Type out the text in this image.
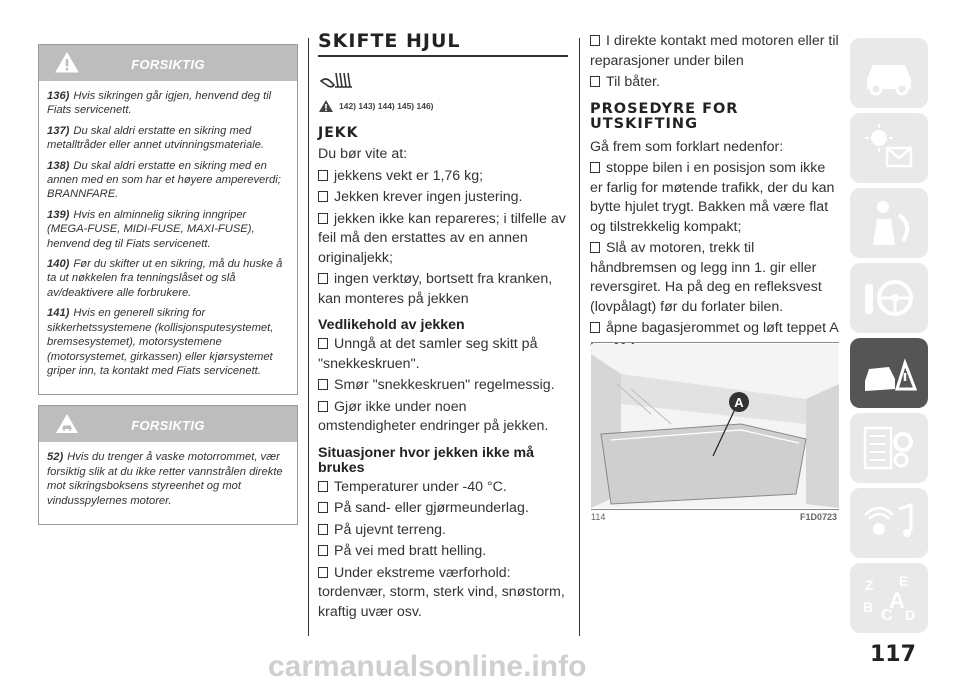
FORSIKTIG

136) Hvis sikringen går igjen, henvend deg til Fiats servicenett.

137) Du skal aldri erstatte en sikring med metalltråder eller annet utvinningsmateriale.

138) Du skal aldri erstatte en sikring med en annen med en som har et høyere ampereverdi; BRANNFARE.

139) Hvis en alminnelig sikring inngriper (MEGA-FUSE, MIDI-FUSE, MAXI-FUSE), henvend deg til Fiats servicenett.

140) Før du skifter ut en sikring, må du huske å ta ut nøkkelen fra tenningslåset og slå av/deaktivere alle forbrukere.

141) Hvis en generell sikring for sikkerhetssystemene (kollisjonsputesystemet, bremsesystemet), motorsystemene (motorsystemet, girkassen) eller kjørsystemet griper inn, ta kontakt med Fiats servicenett.

FORSIKTIG

52) Hvis du trenger å vaske motorrommet, vær forsiktig slik at du ikke retter vannstrålen direkte mot sikringsboksens styreenhet og mot vindusspylernes motorer.

SKIFTE HJUL
142) 143) 144) 145) 146)
JEKK
Du bør vite at:
jekkens vekt er 1,76 kg;
Jekken krever ingen justering.
jekken ikke kan repareres; i tilfelle av feil må den erstattes av en annen originaljekk;
ingen verktøy, bortsett fra kranken, kan monteres på jekken
Vedlikehold av jekken
Unngå at det samler seg skitt på "snekkeskruen".
Smør "snekkeskruen" regelmessig.
Gjør ikke under noen omstendigheter endringer på jekken.
Situasjoner hvor jekken ikke må brukes
Temperaturer under -40 °C.
På sand- eller gjørmeunderlag.
På ujevnt terreng.
På vei med bratt helling.
Under ekstreme værforhold: tordenvær, storm, sterk vind, snøstorm, kraftig uvær osv.
I direkte kontakt med motoren eller til reparasjoner under bilen
Til båter.
PROSEDYRE FOR UTSKIFTING
Gå frem som forklart nedenfor:
stoppe bilen i en posisjon som ikke er farlig for møtende trafikk, der du kan bytte hjulet trygt. Bakken må være flat og tilstrekkelig kompakt;
Slå av motoren, trekk til håndbremsen og legg inn 1. gir eller reversgiret. Ha på deg en refleksvest (lovpålagt) før du forlater bilen.
åpne bagasjerommet og løft teppet A
A
114	F1D0723
Z E
B C
A
D
117
carmanualsonline.info
